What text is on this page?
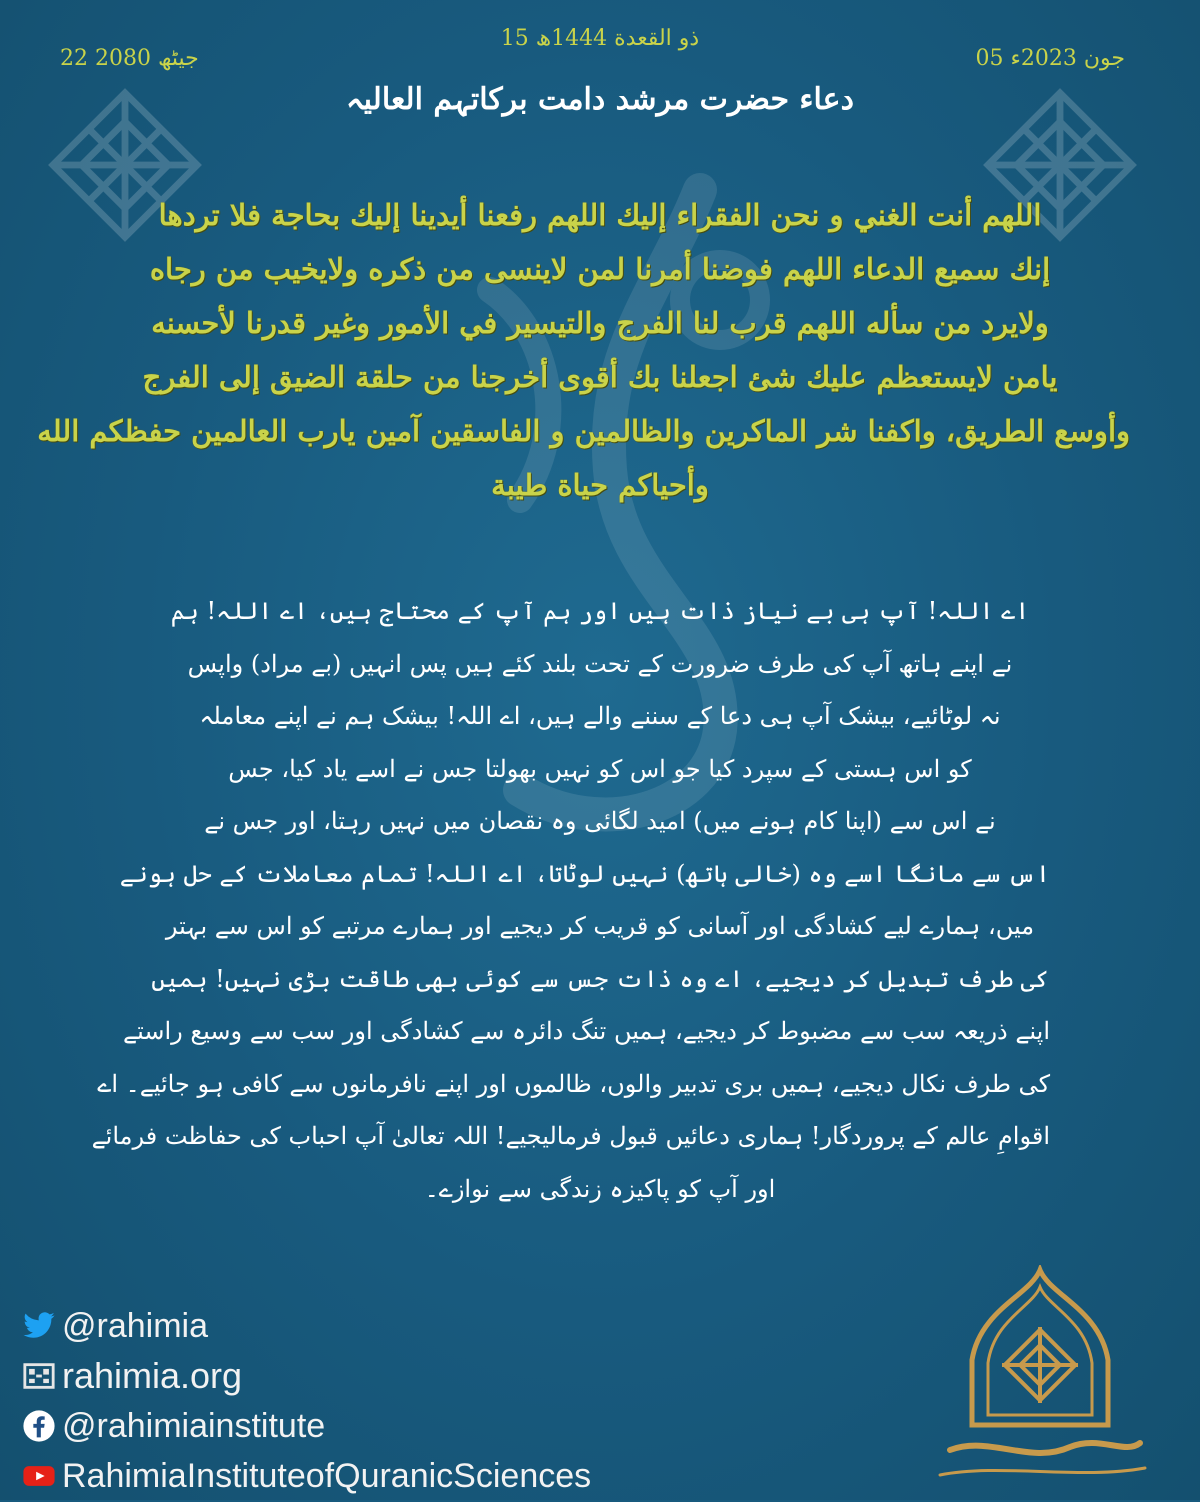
15 ذو القعدة 1444ھ
22 جیٹھ 2080	05 جون 2023ء
دعاء حضرت مرشد دامت برکاتہم العالیہ
اللهم أنت الغني و نحن الفقراء إليك اللهم رفعنا أيدينا إليك بحاجة فلا تردها
إنك سميع الدعاء اللهم فوضنا أمرنا لمن لاينسى من ذكره ولايخيب من رجاه
ولايرد من سأله اللهم قرب لنا الفرج والتيسير في الأمور وغير قدرنا لأحسنه
يامن لايستعظم عليك شئ اجعلنا بك أقوى أخرجنا من حلقة الضيق إلى الفرج
وأوسع الطريق، واكفنا شر الماكرين والظالمين و الفاسقين آمين يارب العالمين حفظكم الله
وأحياكم حياة طيبة
اے اللہ! آپ ہی بے نیاز ذات ہیں اور ہم آپ کے محتاج ہیں، اے اللہ! ہم
نے اپنے ہاتھ آپ کی طرف ضرورت کے تحت بلند کئے ہیں پس انہیں (بے مراد) واپس
نہ لوٹائیے، بیشک آپ ہی دعا کے سننے والے ہیں، اے اللہ! بیشک ہم نے اپنے معاملہ
کو اس ہستی کے سپرد کیا جو اس کو نہیں بھولتا جس نے اسے یاد کیا، جس
نے اس سے (اپنا کام ہونے میں) امید لگائی وہ نقصان میں نہیں رہتا، اور جس نے
اس سے مانگا اسے وہ (خالی ہاتھ) نہیں لوٹاتا، اے اللہ! تمام معاملات کے حل ہونے
میں، ہمارے لیے کشادگی اور آسانی کو قریب کر دیجیے اور ہمارے مرتبے کو اس سے بہتر
کی طرف تبدیل کر دیجیے، اے وہ ذات جس سے کوئی بھی طاقت بڑی نہیں! ہمیں
اپنے ذریعہ سب سے مضبوط کر دیجیے، ہمیں تنگ دائرہ سے کشادگی اور سب سے وسیع راستے
کی طرف نکال دیجیے، ہمیں بری تدبیر والوں، ظالموں اور اپنے نافرمانوں سے کافی ہو جائیے۔ اے
اقوامِ عالم کے پروردگار! ہماری دعائیں قبول فرمالیجیے! اللہ تعالیٰ آپ احباب کی حفاظت فرمائے
اور آپ کو پاکیزہ زندگی سے نوازے۔
@rahimia
rahimia.org
@rahimiainstitute
RahimiaInstituteofQuranicSciences
